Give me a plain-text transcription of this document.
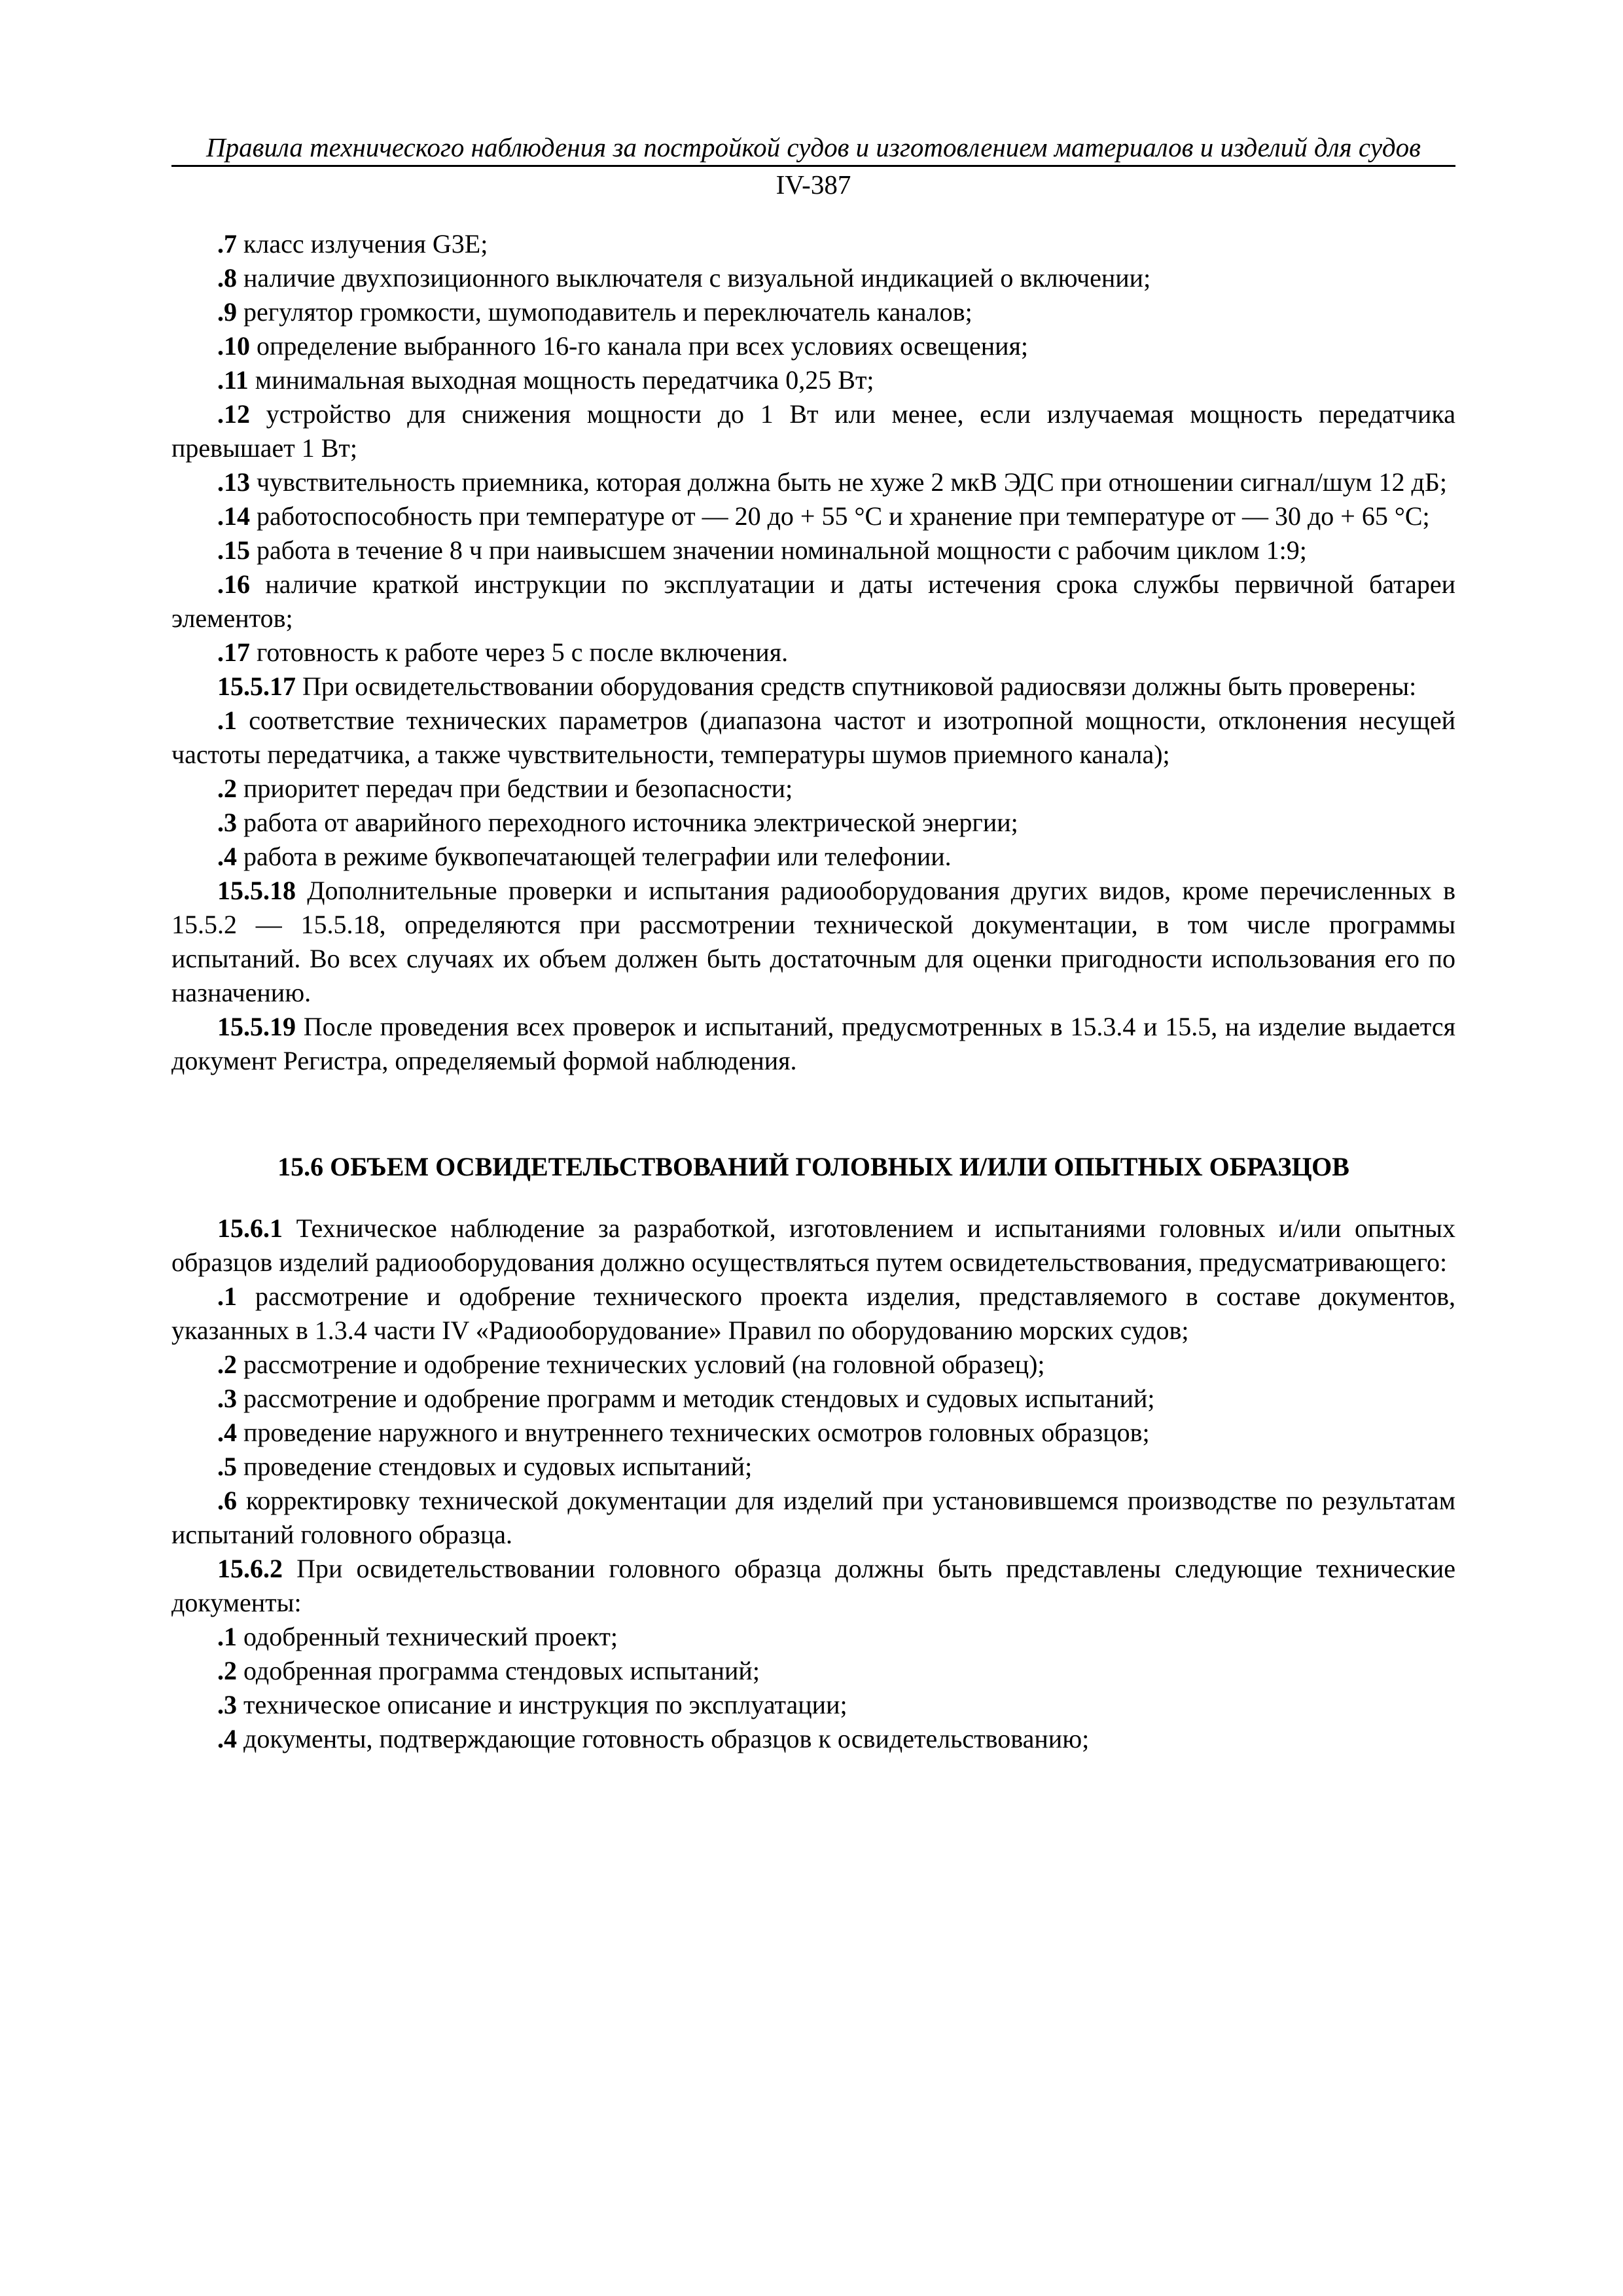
Правила технического наблюдения за постройкой судов и изготовлением материалов и изделий для судов
IV-387

.7 класс излучения G3E;

.8 наличие двухпозиционного выключателя с визуальной индикацией о включении;

.9 регулятор громкости, шумоподавитель и переключатель каналов;

.10 определение выбранного 16-го канала при всех условиях освещения;

.11 минимальная выходная мощность передатчика 0,25 Вт;

.12 устройство для снижения мощности до 1 Вт или менее, если излучаемая мощность передатчика превышает 1 Вт;

.13 чувствительность приемника, которая должна быть не хуже 2 мкВ ЭДС при отношении сигнал/шум 12 дБ;

.14 работоспособность при температуре от — 20 до + 55 °С и хранение при температуре от — 30 до + 65 °С;

.15 работа в течение 8 ч при наивысшем значении номинальной мощности с рабочим циклом 1:9;

.16 наличие краткой инструкции по эксплуатации и даты истечения срока службы первичной батареи элементов;

.17 готовность к работе через 5 с после включения.

15.5.17 При освидетельствовании оборудования средств спутниковой радиосвязи должны быть проверены:

.1 соответствие технических параметров (диапазона частот и изотропной мощности, отклонения несущей частоты передатчика, а также чувствительности, температуры шумов приемного канала);

.2 приоритет передач при бедствии и безопасности;

.3 работа от аварийного переходного источника электрической энергии;

.4 работа в режиме буквопечатающей телеграфии или телефонии.

15.5.18 Дополнительные проверки и испытания радиооборудования других видов, кроме перечисленных в 15.5.2 — 15.5.18, определяются при рассмотрении технической документации, в том числе программы испытаний. Во всех случаях их объем должен быть достаточным для оценки пригодности использования его по назначению.

15.5.19 После проведения всех проверок и испытаний, предусмотренных в 15.3.4 и 15.5, на изделие выдается документ Регистра, определяемый формой наблюдения.

15.6 ОБЪЕМ ОСВИДЕТЕЛЬСТВОВАНИЙ ГОЛОВНЫХ И/ИЛИ ОПЫТНЫХ ОБРАЗЦОВ

15.6.1 Техническое наблюдение за разработкой, изготовлением и испытаниями головных и/или опытных образцов изделий радиооборудования должно осуществляться путем освидетельствования, предусматривающего:

.1 рассмотрение и одобрение технического проекта изделия, представляемого в составе документов, указанных в 1.3.4 части IV «Радиооборудование» Правил по оборудованию морских судов;

.2 рассмотрение и одобрение технических условий (на головной образец);

.3 рассмотрение и одобрение программ и методик стендовых и судовых испытаний;

.4 проведение наружного и внутреннего технических осмотров головных образцов;

.5 проведение стендовых и судовых испытаний;

.6 корректировку технической документации для изделий при установившемся производстве по результатам испытаний головного образца.

15.6.2 При освидетельствовании головного образца должны быть представлены следующие технические документы:

.1 одобренный технический проект;

.2 одобренная программа стендовых испытаний;

.3 техническое описание и инструкция по эксплуатации;

.4 документы, подтверждающие готовность образцов к освидетельствованию;
